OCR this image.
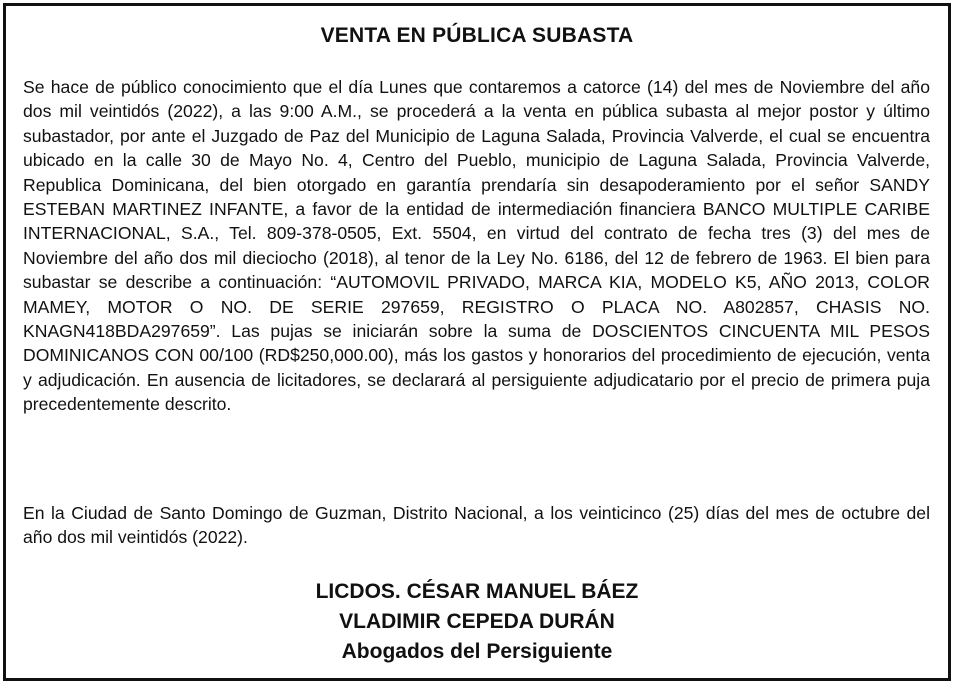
VENTA EN PÚBLICA SUBASTA
Se hace de público conocimiento que el día Lunes que contaremos a catorce (14) del mes de Noviembre del año dos mil veintidós (2022), a las 9:00 A.M., se procederá a la venta en pública subasta al mejor postor y último subastador, por ante el Juzgado de Paz del Municipio de Laguna Salada, Provincia Valverde, el cual se encuentra ubicado en la calle 30 de Mayo No. 4, Centro del Pueblo, municipio de Laguna Salada, Provincia Valverde, Republica Dominicana, del bien otorgado en garantía prendaría sin desapoderamiento por el señor SANDY ESTEBAN MARTINEZ INFANTE, a favor de la entidad de intermediación financiera BANCO MULTIPLE CARIBE INTERNACIONAL, S.A., Tel. 809-378-0505, Ext. 5504, en virtud del contrato de fecha tres (3) del mes de Noviembre del año dos mil dieciocho (2018), al tenor de la Ley No. 6186, del 12 de febrero de 1963. El bien para subastar se describe a continuación: “AUTOMOVIL PRIVADO, MARCA KIA, MODELO K5, AÑO 2013, COLOR MAMEY, MOTOR O NO. DE SERIE 297659, REGISTRO O PLACA NO. A802857, CHASIS NO. KNAGN418BDA297659”. Las pujas se iniciarán sobre la suma de DOSCIENTOS CINCUENTA MIL PESOS DOMINICANOS CON 00/100 (RD$250,000.00), más los gastos y honorarios del procedimiento de ejecución, venta y adjudicación. En ausencia de licitadores, se declarará al persiguiente adjudicatario por el precio de primera puja precedentemente descrito.
En la Ciudad de Santo Domingo de Guzman, Distrito Nacional, a los veinticinco (25) días del mes de octubre del año dos mil veintidós (2022).
LICDOS. CÉSAR MANUEL BÁEZ
VLADIMIR CEPEDA DURÁN
Abogados del Persiguiente
